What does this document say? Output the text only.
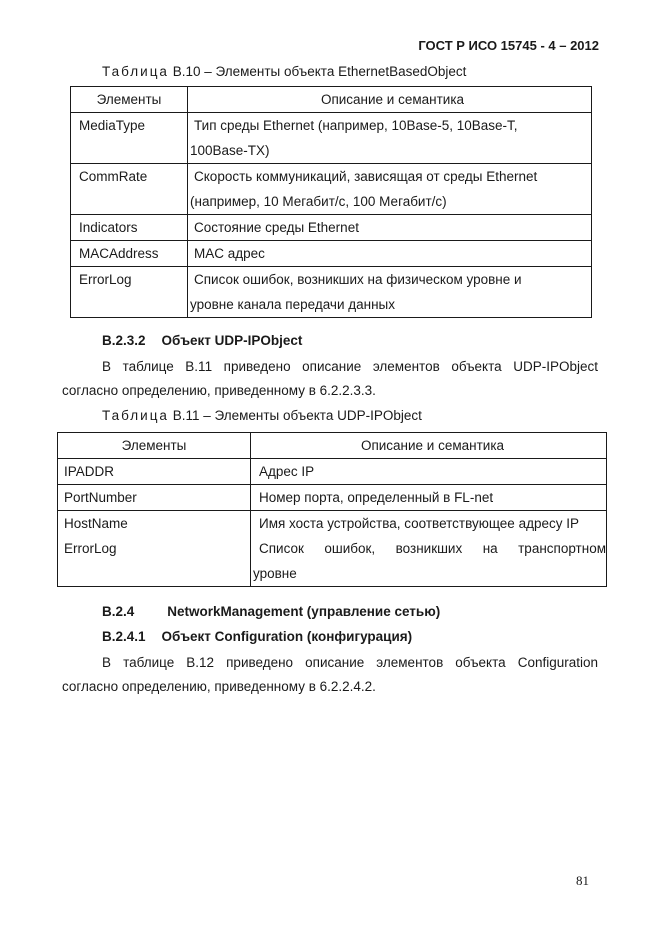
ГОСТ Р ИСО 15745 - 4 – 2012
Таблица В.10 – Элементы объекта EthernetBasedObject
Элементы	Описание и семантика
MediaType	Тип среды Ethernet (например, 10Base-5, 10Base-T,
100Base-TX)

CommRate	Скорость коммуникаций, зависящая от среды Ethernet
(например, 10 Мегабит/с, 100 Мегабит/с)

Indicators	Состояние среды Ethernet
MACAddress	MAC адрес
ErrorLog	Список ошибок, возникших на физическом уровне и
уровне канала передачи данных
В.2.3.2 Объект UDP-IPObject
В таблице В.11 приведено описание элементов объекта UDP-IPObject
согласно определению, приведенному в 6.2.2.3.3.
Таблица В.11 – Элементы объекта UDP-IPObject
Элементы	Описание и семантика
IPADDR	Адрес IP
PortNumber	Номер порта, определенный в FL-net
HostName	Имя хоста устройства, соответствующее адресу IP
ErrorLog	Список ошибок, возникших на транспортном
уровне
В.2.4 NetworkManagement (управление сетью)
В.2.4.1 Объект Configuration (конфигурация)
В таблице В.12 приведено описание элементов объекта Configuration
согласно определению, приведенному в 6.2.2.4.2.
81
